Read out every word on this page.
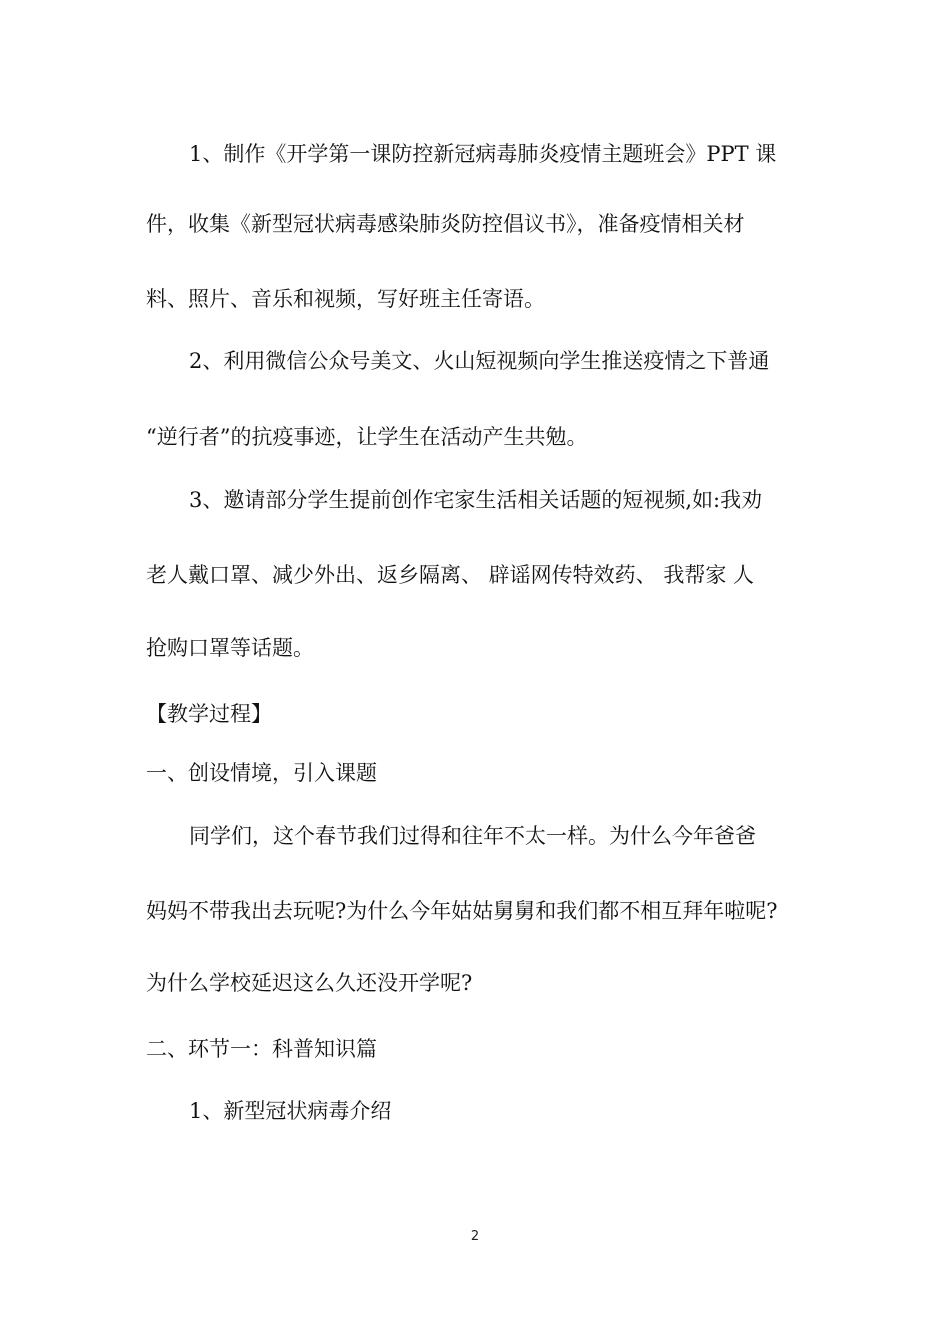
1、制作《开学第一课防控新冠病毒肺炎疫情主题班会》PPT 课
件，收集《新型冠状病毒感染肺炎防控倡议书》，准备疫情相关材
料、照片、音乐和视频，写好班主任寄语。
2、利用微信公众号美文、火山短视频向学生推送疫情之下普通
“逆行者”的抗疫事迹，让学生在活动产生共勉。
3、邀请部分学生提前创作宅家生活相关话题的短视频,如:我劝
老人戴口罩、减少外出、返乡隔离、 辟谣网传特效药、 我帮家 人
抢购口罩等话题。
【教学过程】
一、创设情境，引入课题
同学们，这个春节我们过得和往年不太一样。为什么今年爸爸
妈妈不带我出去玩呢?为什么今年姑姑舅舅和我们都不相互拜年啦呢?
为什么学校延迟这么久还没开学呢?
二、环节一：科普知识篇
1、新型冠状病毒介绍
2
